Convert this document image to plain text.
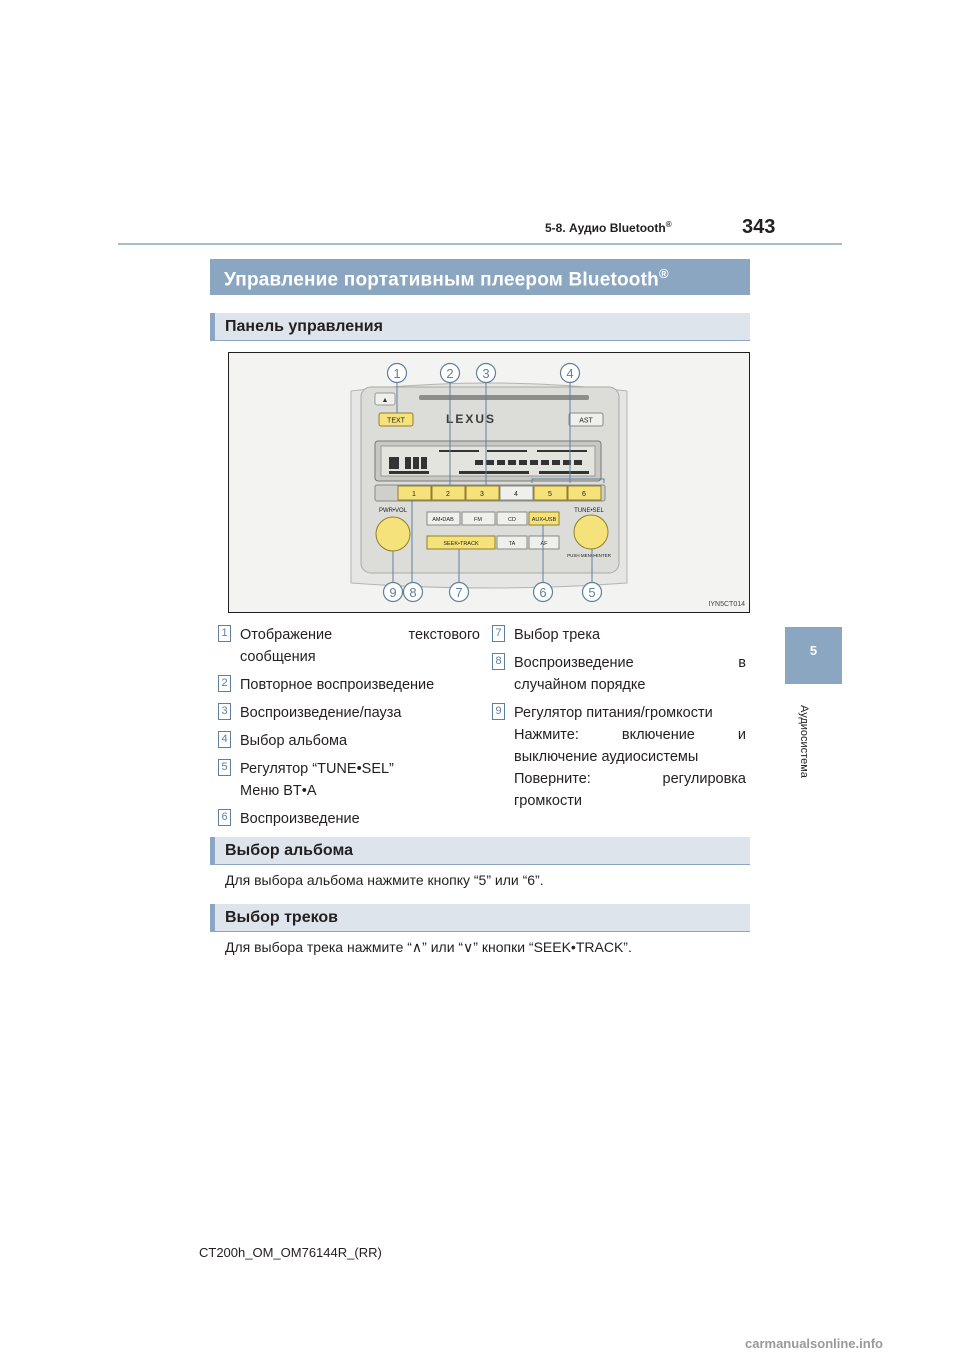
5-8. Аудио Bluetooth®	343
5
Аудиосистема
Управление портативным плеером Bluetooth®
Панель управления
▲
TEXT	AST
LEXUS
1	2	3	4	5	6
PWR•VOL	TUNE•SEL
PUSH MENU•ENTER
AM•DAB	FM	CD	AUX•USB
SEEK•TRACK	TA	AF
1	2 3	4
5
6
7
8
9
IYN5CT014
1 Отображение	текстового
сообщения
2 Повторное воспроизведение
3 Воспроизведение/пауза
4 Выбор альбома
5 Регулятор “TUNE•SEL”
Меню BT•A
6 Воспроизведение
7 Выбор трека
8 Воспроизведение	в
случайном порядке
9 Регулятор питания/громкости
Нажмите:	включение	и
выключение аудиосистемы
Поверните:	регулировка
громкости
Выбор альбома
Для выбора альбома нажмите кнопку “5” или “6”.
Выбор треков
Для выбора трека нажмите “∧” или “∨” кнопки “SEEK•TRACK”.
CT200h_OM_OM76144R_(RR)
carmanualsonline.info
